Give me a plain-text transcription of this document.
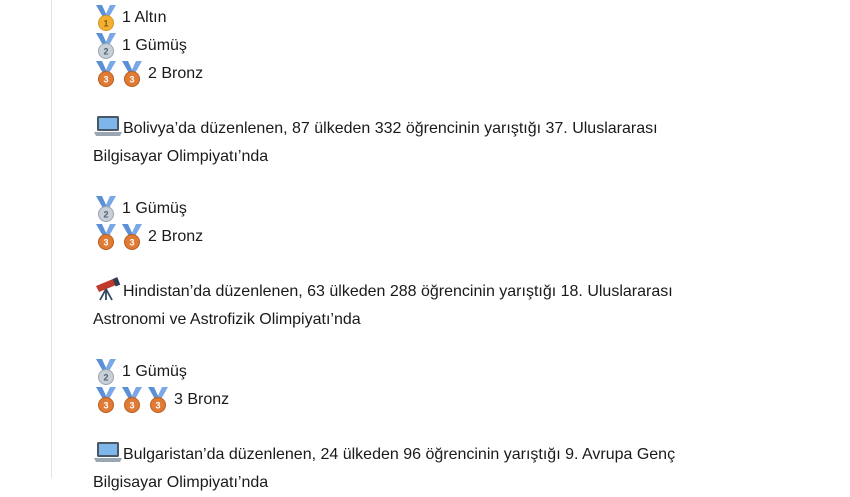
1 Altın
1 Gümüş
2 Bronz
Bolivya’da düzenlenen, 87 ülkeden 332 öğrencinin yarıştığı 37. Uluslararası
Bilgisayar Olimpiyatı’nda
1 Gümüş
2 Bronz
Hindistan’da düzenlenen, 63 ülkeden 288 öğrencinin yarıştığı 18. Uluslararası
Astronomi ve Astrofizik Olimpiyatı’nda
1 Gümüş
3 Bronz
Bulgaristan’da düzenlenen, 24 ülkeden 96 öğrencinin yarıştığı 9. Avrupa Genç
Bilgisayar Olimpiyatı’nda
